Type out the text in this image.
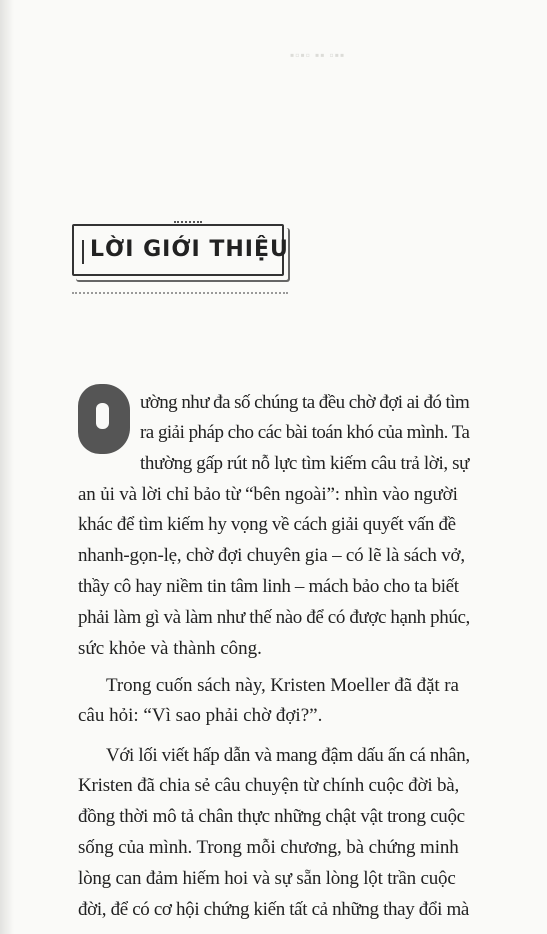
▪▫▪▫ ▪▪ ▫▪▪
LỜI GIỚI THIỆU
ường như đa số chúng ta đều chờ đợi ai đó tìm
ra giải pháp cho các bài toán khó của mình. Ta
thường gấp rút nỗ lực tìm kiếm câu trả lời, sự
an ủi và lời chỉ bảo từ “bên ngoài”: nhìn vào người
khác để tìm kiếm hy vọng về cách giải quyết vấn đề
nhanh-gọn-lẹ, chờ đợi chuyên gia – có lẽ là sách vở,
thầy cô hay niềm tin tâm linh – mách bảo cho ta biết
phải làm gì và làm như thế nào để có được hạnh phúc,
sức khỏe và thành công.
Trong cuốn sách này, Kristen Moeller đã đặt ra
câu hỏi: “Vì sao phải chờ đợi?”.
Với lối viết hấp dẫn và mang đậm dấu ấn cá nhân,
Kristen đã chia sẻ câu chuyện từ chính cuộc đời bà,
đồng thời mô tả chân thực những chật vật trong cuộc
sống của mình. Trong mỗi chương, bà chứng minh
lòng can đảm hiếm hoi và sự sẵn lòng lột trần cuộc
đời, để có cơ hội chứng kiến tất cả những thay đổi mà
